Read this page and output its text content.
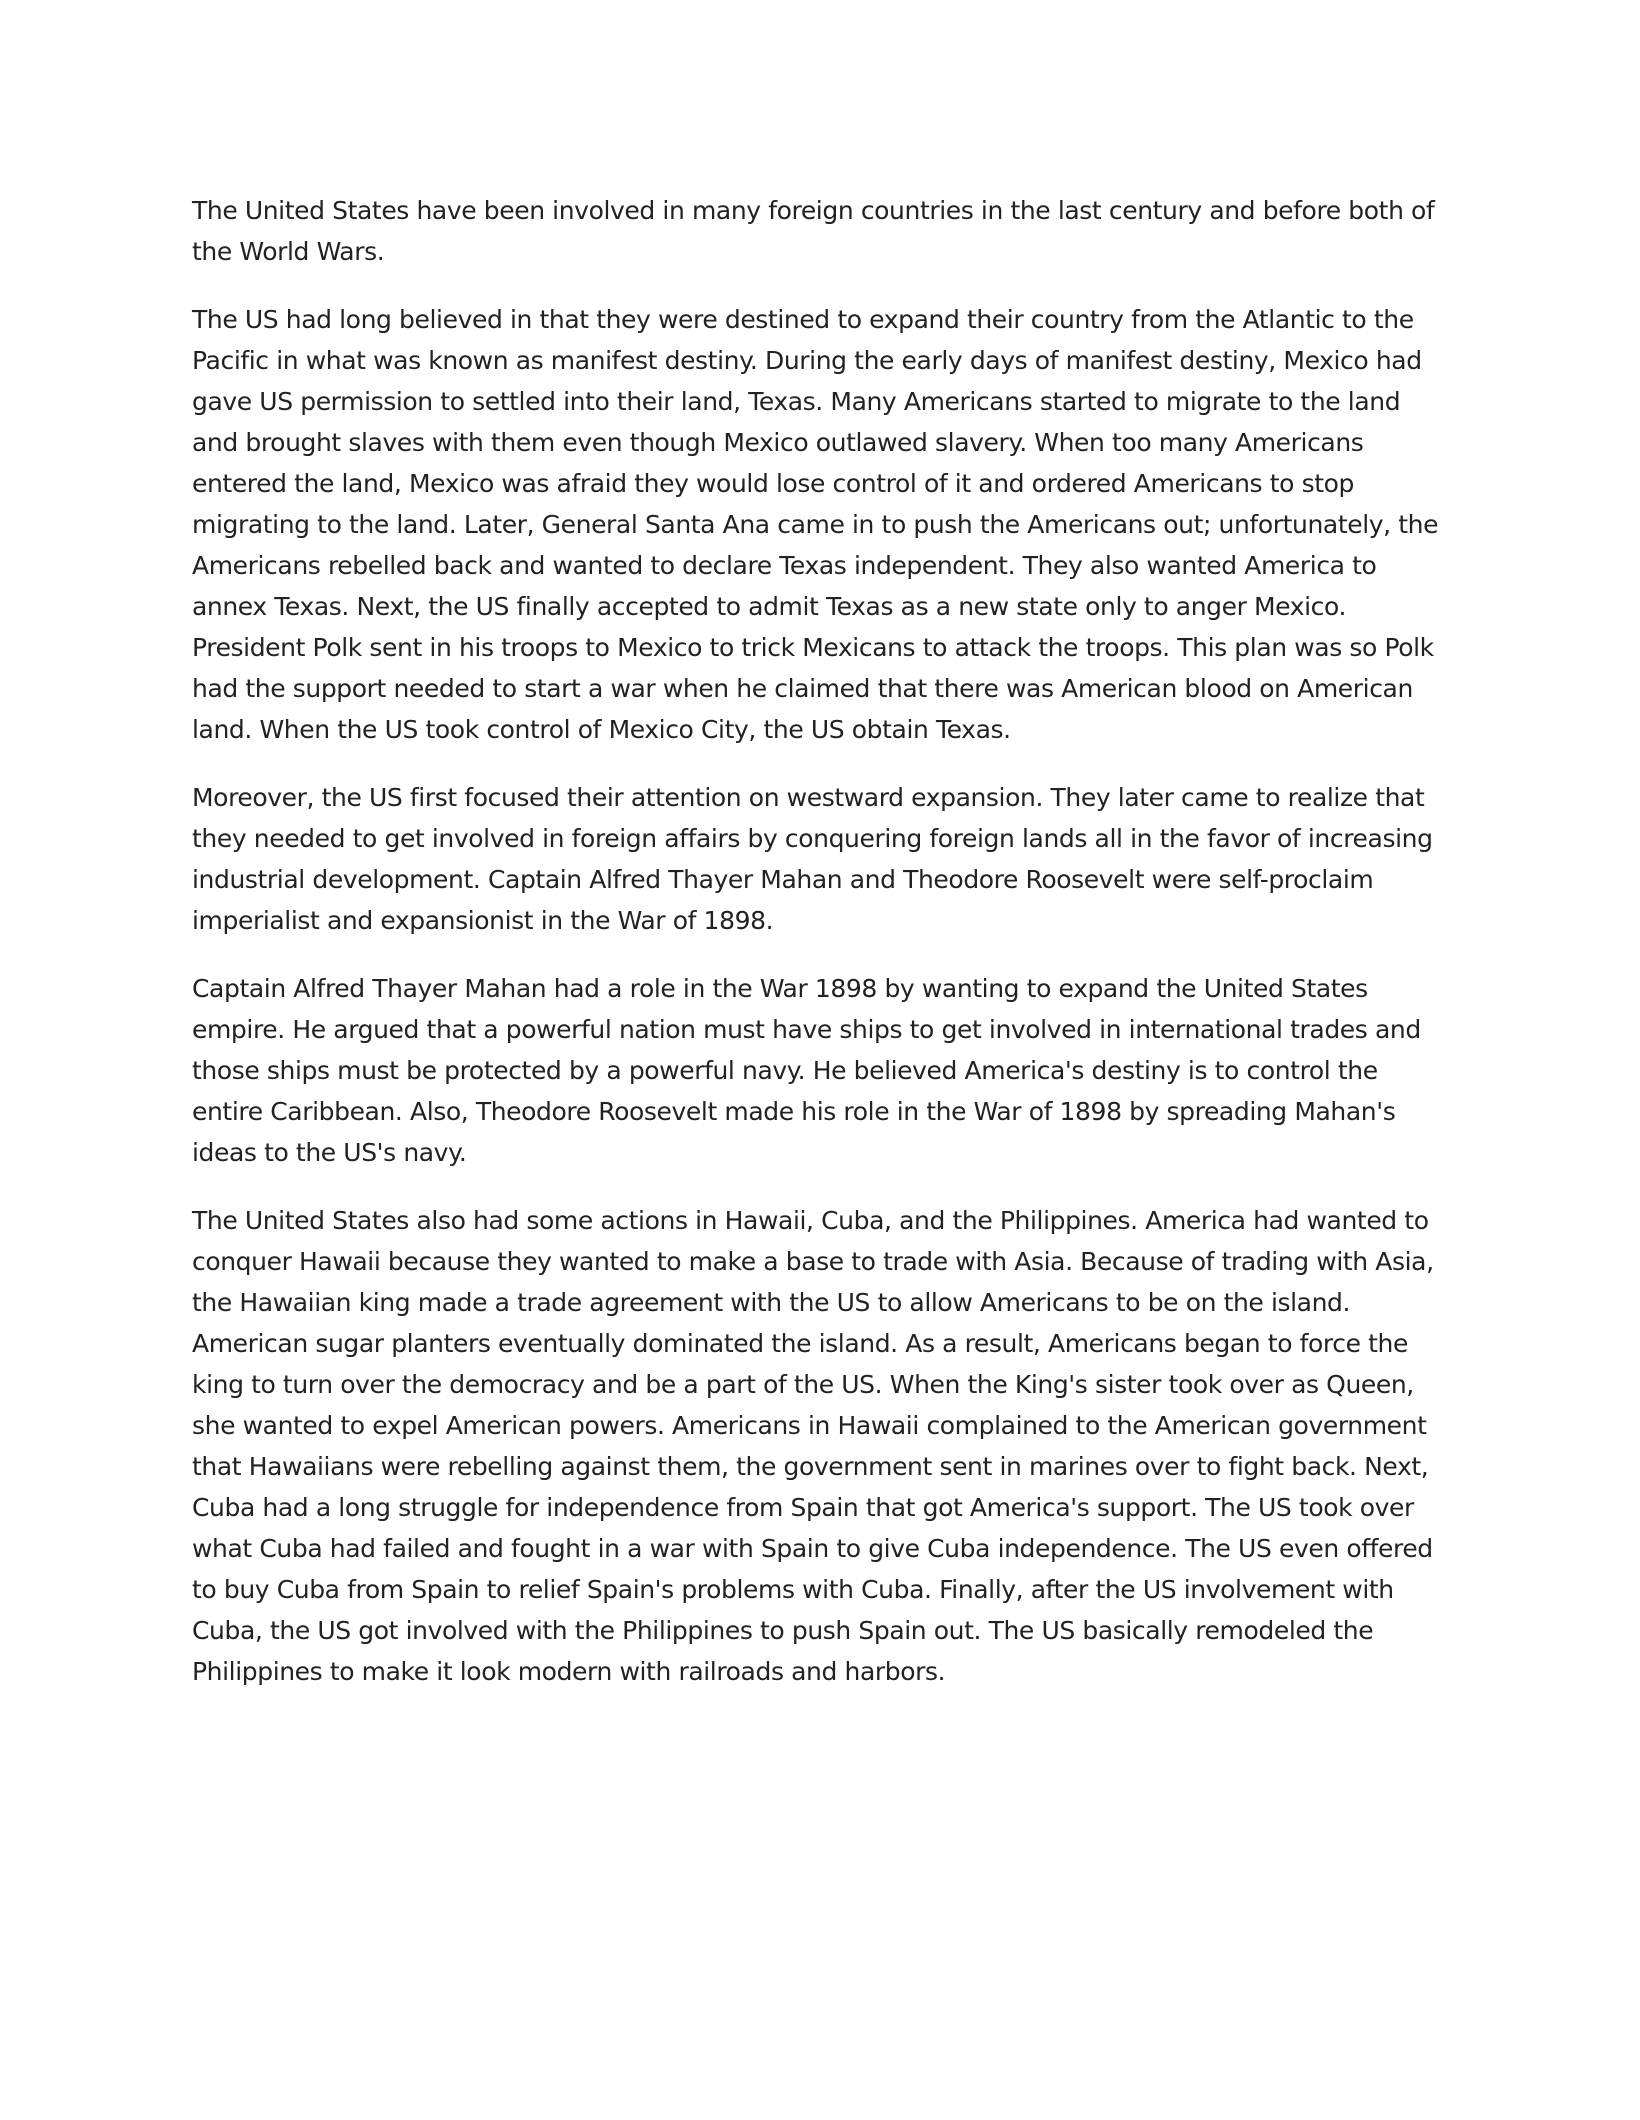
The United States have been involved in many foreign countries in the last century and before both of the World Wars.

The US had long believed in that they were destined to expand their country from the Atlantic to the Pacific in what was known as manifest destiny. During the early days of manifest destiny, Mexico had gave US permission to settled into their land, Texas. Many Americans started to migrate to the land and brought slaves with them even though Mexico outlawed slavery. When too many Americans entered the land, Mexico was afraid they would lose control of it and ordered Americans to stop migrating to the land. Later, General Santa Ana came in to push the Americans out; unfortunately, the Americans rebelled back and wanted to declare Texas independent. They also wanted America to annex Texas. Next, the US finally accepted to admit Texas as a new state only to anger Mexico. President Polk sent in his troops to Mexico to trick Mexicans to attack the troops. This plan was so Polk had the support needed to start a war when he claimed that there was American blood on American land. When the US took control of Mexico City, the US obtain Texas.

Moreover, the US first focused their attention on westward expansion. They later came to realize that they needed to get involved in foreign affairs by conquering foreign lands all in the favor of increasing industrial development. Captain Alfred Thayer Mahan and Theodore Roosevelt were self-proclaim imperialist and expansionist in the War of 1898.

Captain Alfred Thayer Mahan had a role in the War 1898 by wanting to expand the United States empire. He argued that a powerful nation must have ships to get involved in international trades and those ships must be protected by a powerful navy. He believed America's destiny is to control the entire Caribbean. Also, Theodore Roosevelt made his role in the War of 1898 by spreading Mahan's ideas to the US's navy.

The United States also had some actions in Hawaii, Cuba, and the Philippines. America had wanted to conquer Hawaii because they wanted to make a base to trade with Asia. Because of trading with Asia, the Hawaiian king made a trade agreement with the US to allow Americans to be on the island. American sugar planters eventually dominated the island. As a result, Americans began to force the king to turn over the democracy and be a part of the US. When the King's sister took over as Queen, she wanted to expel American powers. Americans in Hawaii complained to the American government that Hawaiians were rebelling against them, the government sent in marines over to fight back. Next, Cuba had a long struggle for independence from Spain that got America's support. The US took over what Cuba had failed and fought in a war with Spain to give Cuba independence. The US even offered to buy Cuba from Spain to relief Spain's problems with Cuba. Finally, after the US involvement with Cuba, the US got involved with the Philippines to push Spain out. The US basically remodeled the Philippines to make it look modern with railroads and harbors.
